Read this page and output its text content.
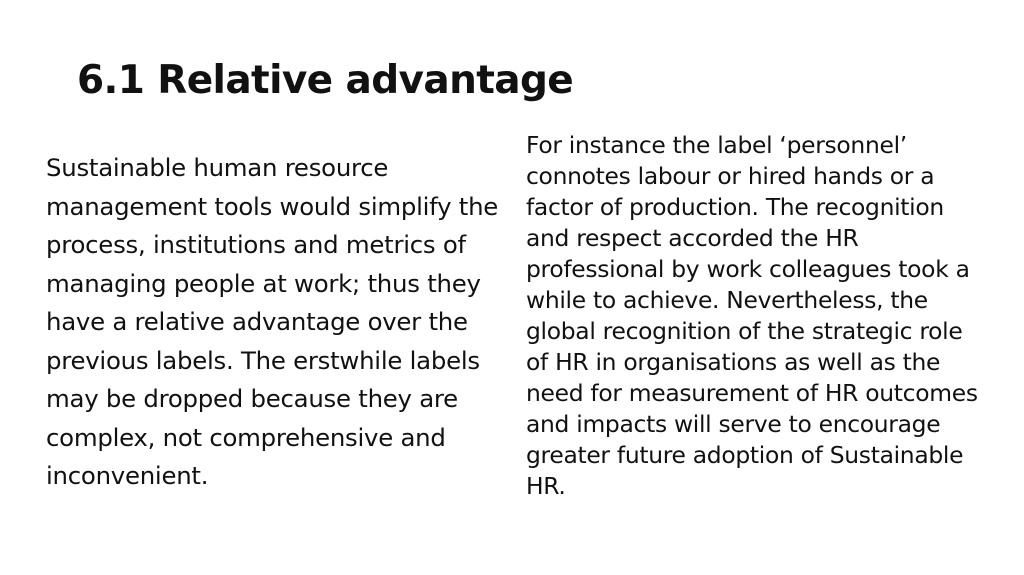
6.1 Relative advantage

Sustainable human resource management tools would simplify the process, institutions and metrics of managing people at work; thus they have a relative advantage over the previous labels. The erstwhile labels may be dropped because they are complex, not comprehensive and inconvenient.

For instance the label ‘personnel’ connotes labour or hired hands or a factor of production. The recognition and respect accorded the HR professional by work colleagues took a while to achieve. Nevertheless, the global recognition of the strategic role of HR in organisations as well as the need for measurement of HR outcomes and impacts will serve to encourage greater future adoption of Sustainable HR.
